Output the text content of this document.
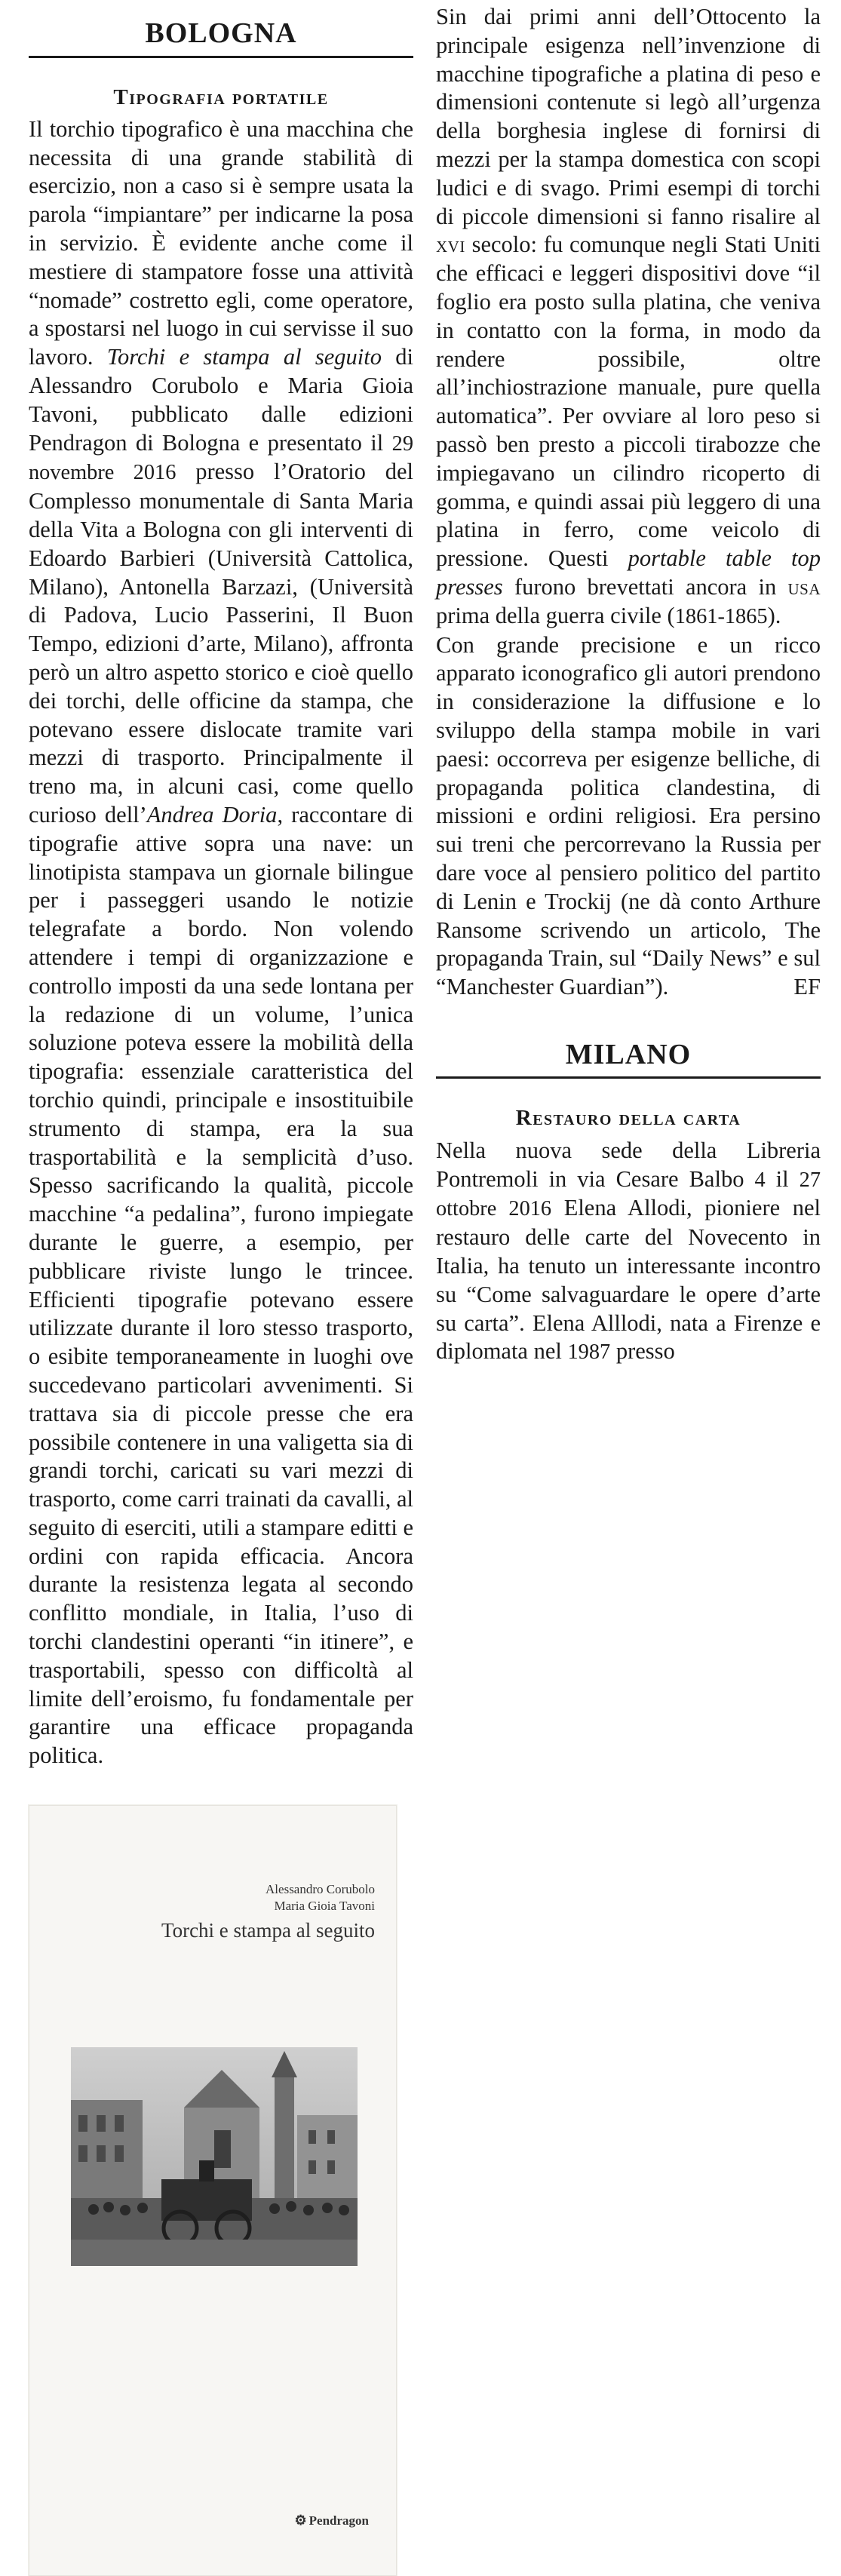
BOLOGNA
Tipografia portatile

Il torchio tipografico è una macchina che necessita di una grande stabilità di esercizio, non a caso si è sempre usata la parola “impiantare” per indicarne la posa in servizio. È evidente anche come il mestiere di stampatore fosse una attività “nomade” costretto egli, come operatore, a spostarsi nel luogo in cui servisse il suo lavoro. Torchi e stampa al seguito di Alessandro Corubolo e Maria Gioia Tavoni, pubblicato dalle edizioni Pendragon di Bologna e presentato il 29 novembre 2016 presso l’Oratorio del Complesso monumentale di Santa Maria della Vita a Bologna con gli interventi di Edoardo Barbieri (Università Cattolica, Milano), Antonella Barzazi, (Università di Padova, Lucio Passerini, Il Buon Tempo, edizioni d’arte, Milano), affronta però un altro aspetto storico e cioè quello dei torchi, delle officine da stampa, che potevano essere dislocate tramite vari mezzi di trasporto. Principalmente il treno ma, in alcuni casi, come quello curioso dell’Andrea Doria, raccontare di tipografie attive sopra una nave: un linotipista stampava un giornale bilingue per i passeggeri usando le notizie telegrafate a bordo. Non volendo attendere i tempi di organizzazione e controllo imposti da una sede lontana per la redazione di un volume, l’unica soluzione poteva essere la mobilità della tipografia: essenziale caratteristica del torchio quindi, principale e insostituibile strumento di stampa, era la sua trasportabilità e la semplicità d’uso. Spesso sacrificando la qualità, piccole macchine “a pedalina”, furono impiegate durante le guerre, a esempio, per pubblicare riviste lungo le trincee. Efficienti tipografie potevano essere utilizzate durante il loro stesso trasporto, o esibite temporaneamente in luoghi ove succedevano particolari avvenimenti. Si trattava sia di piccole presse che era possibile contenere in una valigetta sia di grandi torchi, caricati su vari mezzi di trasporto, come carri trainati da cavalli, al seguito di eserciti, utili a stampare editti e ordini con rapida efficacia. Ancora durante la resistenza legata al secondo conflitto mondiale, in Italia, l’uso di torchi clandestini operanti “in itinere”, e trasportabili, spesso con difficoltà al limite dell’eroismo, fu fondamentale per garantire una efficace propaganda politica.

Alessandro Corubolo
Maria Gioia Tavoni
Torchi e stampa al seguito
⚙ Pendragon

Sin dai primi anni dell’Ottocento la principale esigenza nell’invenzione di macchine tipografiche a platina di peso e dimensioni contenute si legò all’urgenza della borghesia inglese di fornirsi di mezzi per la stampa domestica con scopi ludici e di svago. Primi esempi di torchi di piccole dimensioni si fanno risalire al xvi secolo: fu comunque negli Stati Uniti che efficaci e leggeri dispositivi dove “il foglio era posto sulla platina, che veniva in contatto con la forma, in modo da rendere possibile, oltre all’inchiostrazione manuale, pure quella automatica”. Per ovviare al loro peso si passò ben presto a piccoli tirabozze che impiegavano un cilindro ricoperto di gomma, e quindi assai più leggero di una platina in ferro, come veicolo di pressione. Questi portable table top presses furono brevettati ancora in usa prima della guerra civile (1861-1865).

Con grande precisione e un ricco apparato iconografico gli autori prendono in considerazione la diffusione e lo sviluppo della stampa mobile in vari paesi: occorreva per esigenze belliche, di propaganda politica clandestina, di missioni e ordini religiosi. Era persino sui treni che percorrevano la Russia per dare voce al pensiero politico del partito di Lenin e Trockij (ne dà conto Arthure Ransome scrivendo un articolo, The propaganda Train, sul “Daily News” e sul “Manchester Guardian”).	EF

MILANO
Restauro della carta

Nella nuova sede della Libreria Pontremoli in via Cesare Balbo 4 il 27 ottobre 2016 Elena Allodi, pioniere nel restauro delle carte del Novecento in Italia, ha tenuto un interessante incontro su “Come salvaguardare le opere d’arte su carta”. Elena Alllodi, nata a Firenze e diplomata nel 1987 presso
